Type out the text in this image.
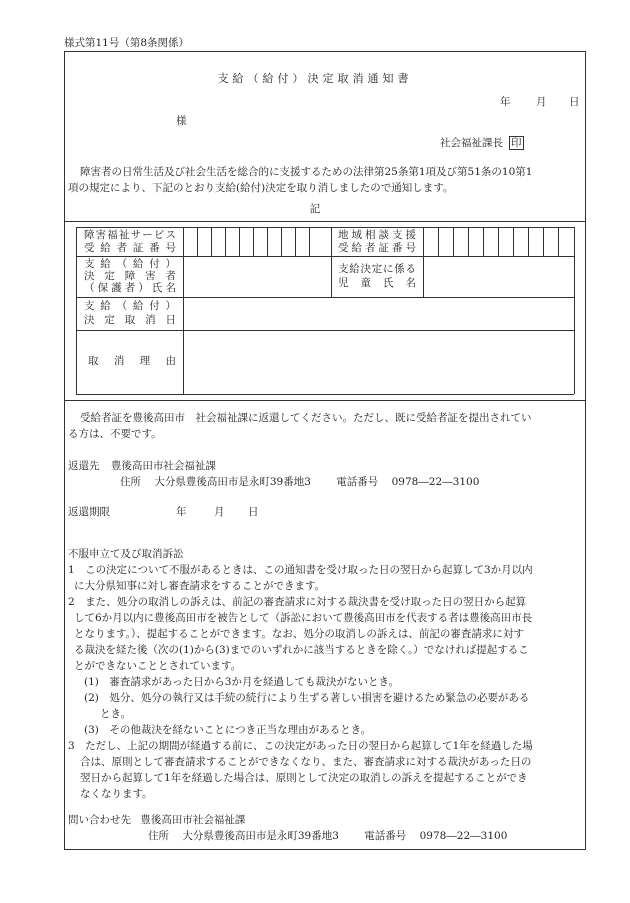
様式第11号（第8条関係）
支給（給付）決定取消通知書
年 月 日
様
社会福祉課長 印
障害者の日常生活及び社会生活を総合的に支援するための法律第25条第1項及び第51条の10第1
項の規定により、下記のとおり支給(給付)決定を取り消しましたので通知します。
記
障害福祉サービス
受給者証番号
地域相談支援
受給者証番号
支給（給付）
決定障害者
（保護者）氏名
支給決定に係る
児童氏名
支給（給付）
決定取消日
取消理由
受給者証を豊後高田市　社会福祉課に返還してください。ただし、既に受給者証を提出されてい
る方は、不要です。
返還先 豊後高田市社会福祉課
住所 大分県豊後高田市是永町39番地3 電話番号 0978―22―3100
返還期限	年	月 日
不服申立て及び取消訴訟
1　この決定について不服があるときは、この通知書を受け取った日の翌日から起算して3か月以内
に大分県知事に対し審査請求をすることができます。
2　また、処分の取消しの訴えは、前記の審査請求に対する裁決書を受け取った日の翌日から起算
して6か月以内に豊後高田市を被告として（訴訟において豊後高田市を代表する者は豊後高田市長
となります。）、提起することができます。なお、処分の取消しの訴えは、前記の審査請求に対す
る裁決を経た後（次の(1)から(3)までのいずれかに該当するときを除く。）でなければ提起するこ
とができないこととされています。
(1)　審査請求があった日から3か月を経過しても裁決がないとき。
(2)　処分、処分の執行又は手続の続行により生ずる著しい損害を避けるため緊急の必要がある
とき。
(3)　その他裁決を経ないことにつき正当な理由があるとき。
3　ただし、上記の期間が経過する前に、この決定があった日の翌日から起算して1年を経過した場
合は、原則として審査請求することができなくなり、また、審査請求に対する裁決があった日の
翌日から起算して1年を経過した場合は、原則として決定の取消しの訴えを提起することができ
なくなります。
問い合わせ先 豊後高田市社会福祉課
住所 大分県豊後高田市是永町39番地3 電話番号 0978―22―3100
